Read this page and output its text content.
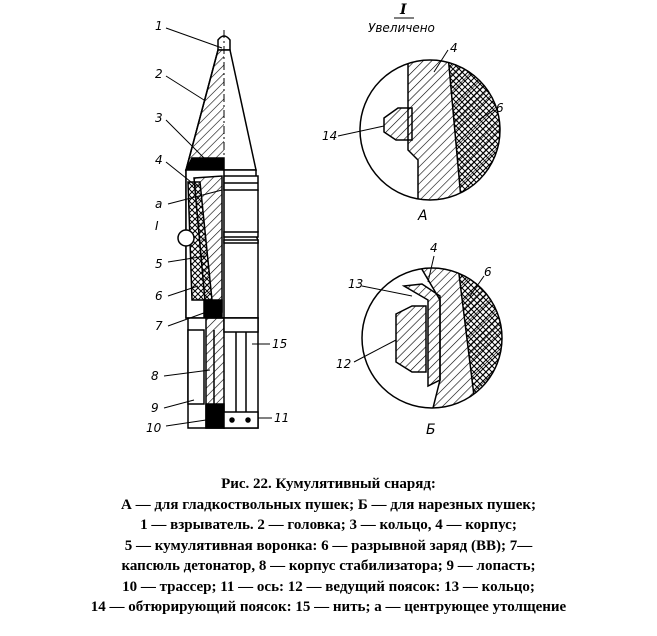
1
2
3
4
а
I
5
6
7
8
9
10
11
15
I
Увеличено
4
6
14
А
4
13
6
12
Б
Рис. 22. Кумулятивный снаряд:
А — для гладкоствольных пушек; Б — для нарезных пушек;
1 — взрыватель. 2 — головка; 3 — кольцо, 4 — корпус;
5 — кумулятивная воронка: 6 — разрывной заряд (ВВ); 7—
капсюль детонатор, 8 — корпус стабилизатора; 9 — лопасть;
10 — трассер; 11 — ось: 12 — ведущий поясок: 13 — кольцо;
14 — обтюрирующий поясок: 15 — нить; а — центрующее утолщение
